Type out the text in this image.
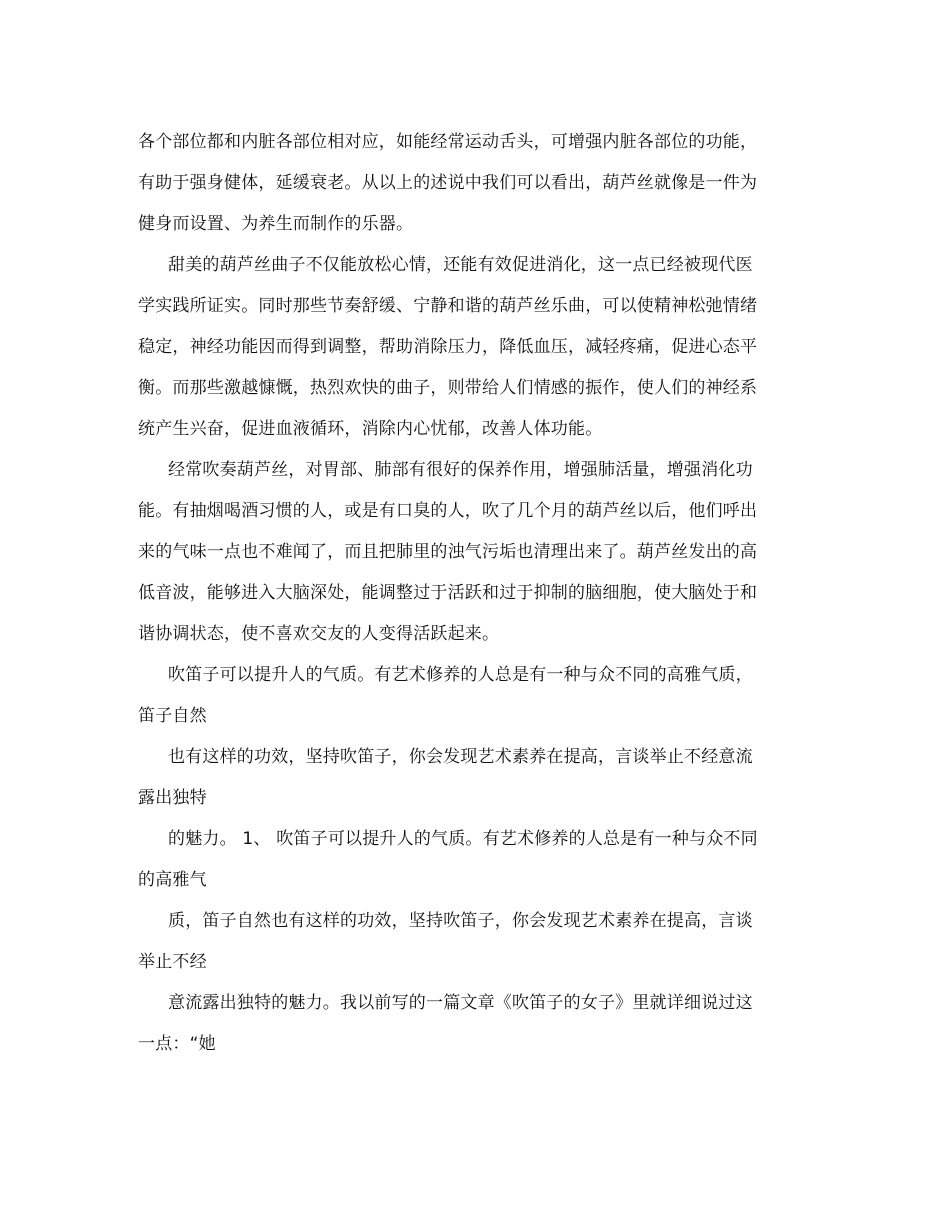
各个部位都和内脏各部位相对应，如能经常运动舌头，可增强内脏各部位的功能，
有助于强身健体，延缓衰老。从以上的述说中我们可以看出，葫芦丝就像是一件为
健身而设置、为养生而制作的乐器。
甜美的葫芦丝曲子不仅能放松心情，还能有效促进消化，这一点已经被现代医
学实践所证实。同时那些节奏舒缓、宁静和谐的葫芦丝乐曲，可以使精神松弛情绪
稳定，神经功能因而得到调整，帮助消除压力，降低血压，减轻疼痛，促进心态平
衡。而那些激越慷慨，热烈欢快的曲子，则带给人们情感的振作，使人们的神经系
统产生兴奋，促进血液循环，消除内心忧郁，改善人体功能。
经常吹奏葫芦丝，对胃部、肺部有很好的保养作用，增强肺活量，增强消化功
能。有抽烟喝酒习惯的人，或是有口臭的人，吹了几个月的葫芦丝以后，他们呼出
来的气味一点也不难闻了，而且把肺里的浊气污垢也清理出来了。葫芦丝发出的高
低音波，能够进入大脑深处，能调整过于活跃和过于抑制的脑细胞，使大脑处于和
谐协调状态，使不喜欢交友的人变得活跃起来。
吹笛子可以提升人的气质。有艺术修养的人总是有一种与众不同的高雅气质，
笛子自然
也有这样的功效，坚持吹笛子，你会发现艺术素养在提高，言谈举止不经意流
露出独特
的魅力。 1、 吹笛子可以提升人的气质。有艺术修养的人总是有一种与众不同
的高雅气
质，笛子自然也有这样的功效，坚持吹笛子，你会发现艺术素养在提高，言谈
举止不经
意流露出独特的魅力。我以前写的一篇文章《吹笛子的女子》里就详细说过这
一点：“她
